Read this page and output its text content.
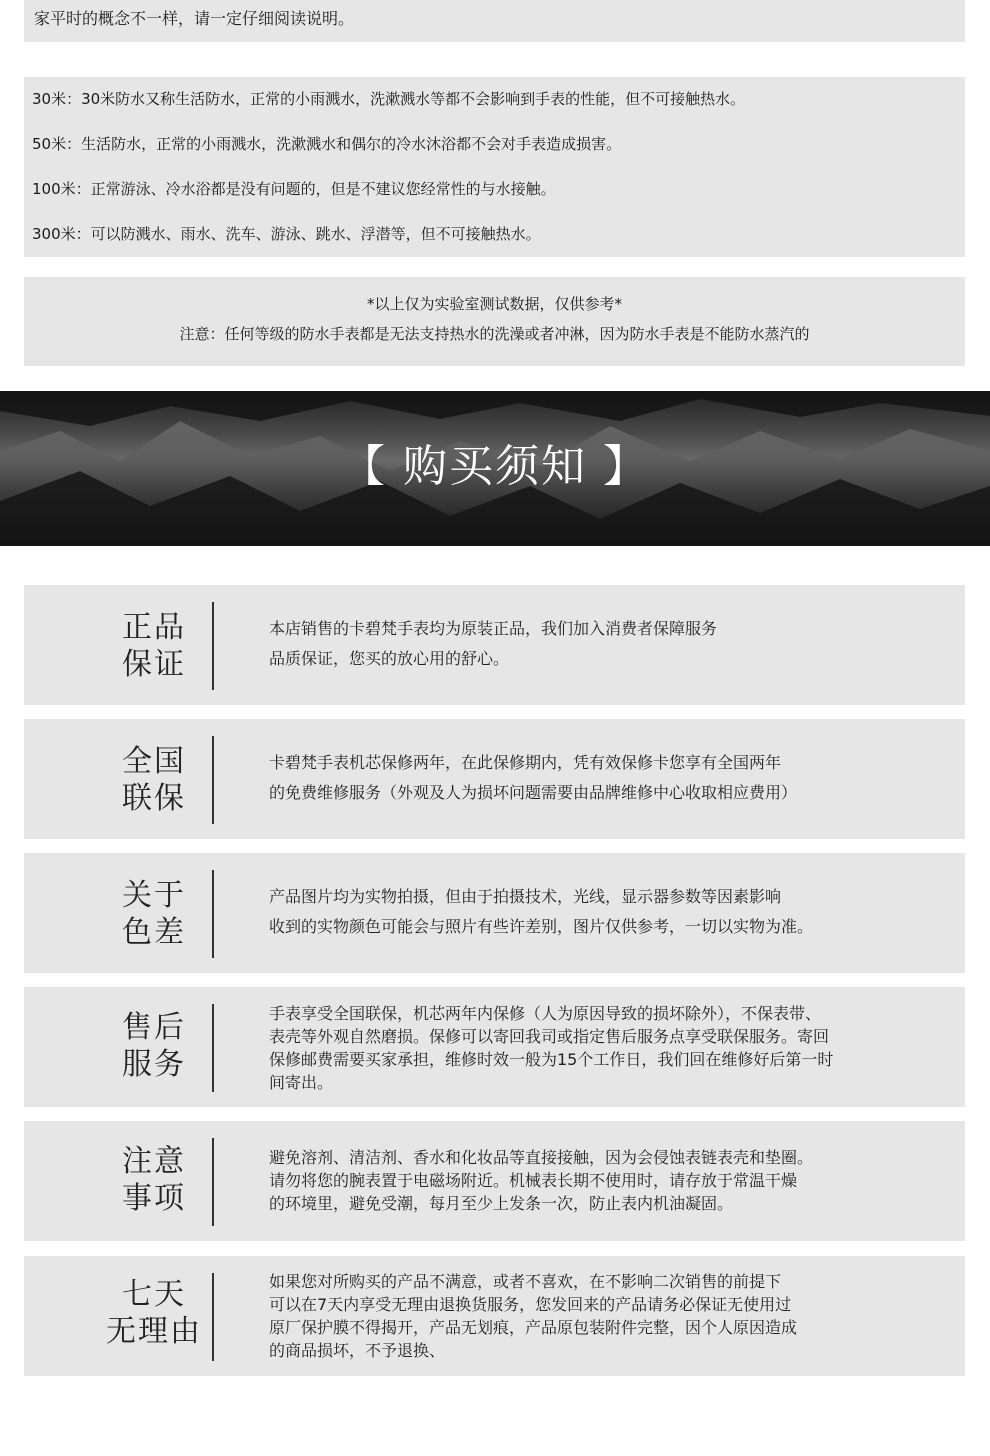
家平时的概念不一样，请一定仔细阅读说明。

30米：30米防水又称生活防水，正常的小雨溅水，洗漱溅水等都不会影响到手表的性能，但不可接触热水。

50米：生活防水，正常的小雨溅水，洗漱溅水和偶尔的冷水沐浴都不会对手表造成损害。

100米：正常游泳、冷水浴都是没有问题的，但是不建议您经常性的与水接触。

300米：可以防溅水、雨水、洗车、游泳、跳水、浮潜等，但不可接触热水。

*以上仅为实验室测试数据，仅供参考*

注意：任何等级的防水手表都是无法支持热水的洗澡或者冲淋，因为防水手表是不能防水蒸汽的

【 购买须知 】
正品
保证
本店销售的卡碧梵手表均为原装正品，我们加入消费者保障服务
品质保证，您买的放心用的舒心。
全国
联保
卡碧梵手表机芯保修两年，在此保修期内，凭有效保修卡您享有全国两年
的免费维修服务（外观及人为损坏问题需要由品牌维修中心收取相应费用）
关于
色差
产品图片均为实物拍摄，但由于拍摄技术，光线，显示器参数等因素影响
收到的实物颜色可能会与照片有些许差别，图片仅供参考，一切以实物为准。
售后
服务
手表享受全国联保，机芯两年内保修（人为原因导致的损坏除外），不保表带、
表壳等外观自然磨损。保修可以寄回我司或指定售后服务点享受联保服务。寄回
保修邮费需要买家承担，维修时效一般为15个工作日，我们回在维修好后第一时
间寄出。
注意
事项
避免溶剂、清洁剂、香水和化妆品等直接接触，因为会侵蚀表链表壳和垫圈。
请勿将您的腕表置于电磁场附近。机械表长期不使用时，请存放于常温干燥
的环境里，避免受潮，每月至少上发条一次，防止表内机油凝固。
七天
无理由
如果您对所购买的产品不满意，或者不喜欢，在不影响二次销售的前提下
可以在7天内享受无理由退换货服务，您发回来的产品请务必保证无使用过
原厂保护膜不得揭开，产品无划痕，产品原包装附件完整，因个人原因造成
的商品损坏，不予退换、
